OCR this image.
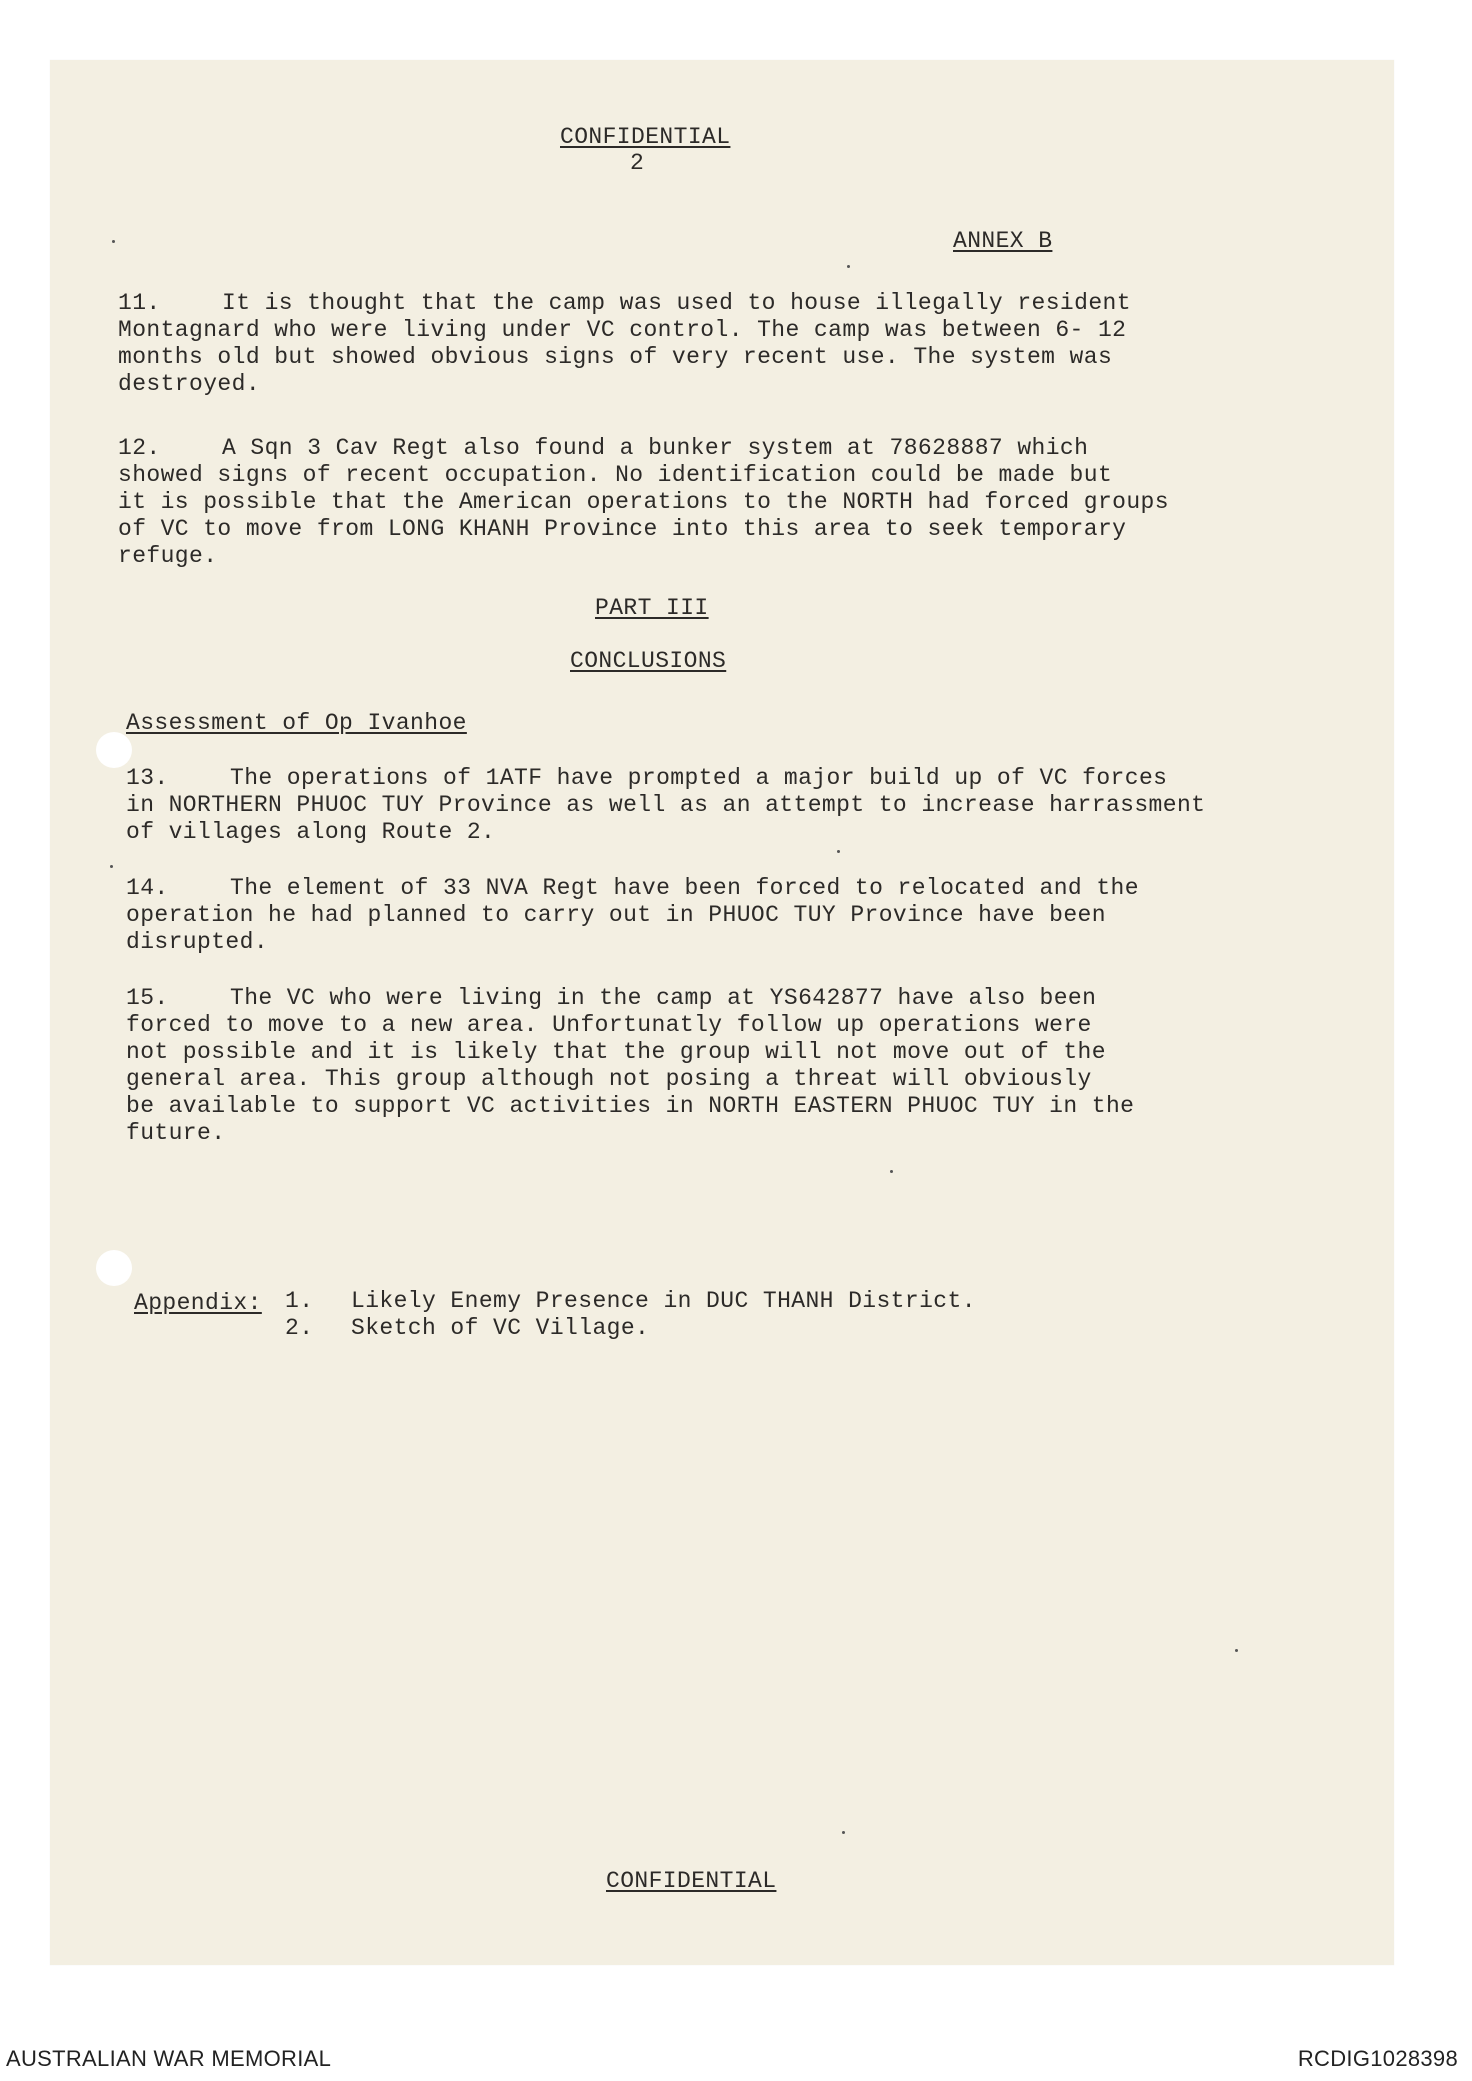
CONFIDENTIAL
2
ANNEX B
11.	It is thought that the camp was used to house illegally resident
Montagnard who were living under VC control. The camp was between 6- 12
months old but showed obvious signs of very recent use. The system was
destroyed.
12.	A Sqn 3 Cav Regt also found a bunker system at 78628887 which
showed signs of recent occupation. No identification could be made but
it is possible that the American operations to the NORTH had forced groups
of VC to move from LONG KHANH Province into this area to seek temporary
refuge.
PART III
CONCLUSIONS
Assessment of Op Ivanhoe
13.	The operations of 1ATF have prompted a major build up of VC forces
in NORTHERN PHUOC TUY Province as well as an attempt to increase harrassment
of villages along Route 2.
14.	The element of 33 NVA Regt have been forced to relocated and the
operation he had planned to carry out in PHUOC TUY Province have been
disrupted.
15.	The VC who were living in the camp at YS642877 have also been
forced to move to a new area. Unfortunatly follow up operations were
not possible and it is likely that the group will not move out of the
general area. This group although not posing a threat will obviously
be available to support VC activities in NORTH EASTERN PHUOC TUY in the
future.
Appendix: 1. Likely Enemy Presence in DUC THANH District.
2. Sketch of VC Village.
CONFIDENTIAL
AUSTRALIAN WAR MEMORIAL	RCDIG1028398
